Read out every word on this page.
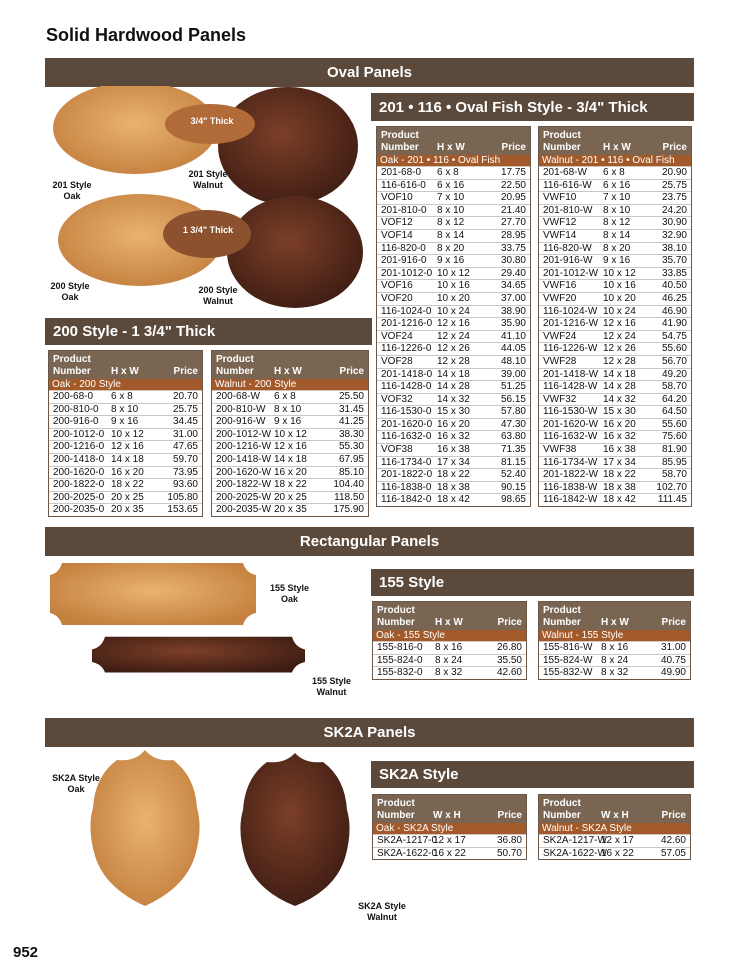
Solid Hardwood Panels
Oval Panels
Rectangular Panels
SK2A Panels
3/4" Thick
1 3/4" Thick
201 Style
Oak
201 Style
Walnut
200 Style
Oak
200 Style
Walnut
155 Style
Oak
155 Style
Walnut
SK2A Style
Oak
SK2A Style
Walnut
201 • 116 • Oval Fish Style - 3/4" Thick
200 Style - 1 3/4" Thick
155 Style
SK2A Style
Product
Number H x W	Price
Oak - 201 • 116 • Oval Fish
201-68-0 6 x 8	17.75
116-616-0 6 x 16	22.50
VOF10 7 x 10	20.95
201-810-0 8 x 10	21.40
VOF12 8 x 12	27.70
VOF14 8 x 14	28.95
116-820-0 8 x 20	33.75
201-916-0 9 x 16	30.80
201-1012-0 10 x 12	29.40
VOF16 10 x 16	34.65
VOF20 10 x 20	37.00
116-1024-0 10 x 24	38.90
201-1216-0 12 x 16	35.90
VOF24 12 x 24	41.10
116-1226-0 12 x 26	44.05
VOF28 12 x 28	48.10
201-1418-0 14 x 18	39.00
116-1428-0 14 x 28	51.25
VOF32 14 x 32	56.15
116-1530-0 15 x 30	57.80
201-1620-0 16 x 20	47.30
116-1632-0 16 x 32	63.80
VOF38 16 x 38	71.35
116-1734-0 17 x 34	81.15
201-1822-0 18 x 22	52.40
116-1838-0 18 x 38	90.15
116-1842-0 18 x 42	98.65
Product
Number H x W	Price
Walnut - 201 • 116 • Oval Fish
201-68-W 6 x 8	20.90
116-616-W 6 x 16	25.75
VWF10	7 x 10	23.75
201-810-W 8 x 10	24.20
VWF12	8 x 12	30.90
VWF14	8 x 14	32.90
116-820-W 8 x 20	38.10
201-916-W 9 x 16	35.70
201-1012-W 10 x 12	33.85
VWF16	10 x 16	40.50
VWF20	10 x 20	46.25
116-1024-W 10 x 24	46.90
201-1216-W 12 x 16	41.90
VWF24	12 x 24	54.75
116-1226-W 12 x 26	55.60
VWF28	12 x 28	56.70
201-1418-W 14 x 18	49.20
116-1428-W 14 x 28	58.70
VWF32	14 x 32	64.20
116-1530-W 15 x 30	64.50
201-1620-W 16 x 20	55.60
116-1632-W 16 x 32	75.60
VWF38	16 x 38	81.90
116-1734-W 17 x 34	85.95
201-1822-W 18 x 22	58.70
116-1838-W 18 x 38 102.70
116-1842-W 18 x 42 111.45
Product
Number H x W	Price
Oak - 200 Style
200-68-0 6 x 8	20.70
200-810-0 8 x 10	25.75
200-916-0 9 x 16	34.45
200-1012-0 10 x 12	31.00
200-1216-0 12 x 16	47.65
200-1418-0 14 x 18	59.70
200-1620-0 16 x 20	73.95
200-1822-0 18 x 22	93.60
200-2025-0 20 x 25 105.80
200-2035-0 20 x 35 153.65
Product
Number H x W	Price
Walnut - 200 Style
200-68-W 6 x 8	25.50
200-810-W 8 x 10	31.45
200-916-W 9 x 16	41.25
200-1012-W 10 x 12	38.30
200-1216-W 12 x 16	55.30
200-1418-W 14 x 18	67.95
200-1620-W 16 x 20	85.10
200-1822-W 18 x 22	104.40
200-2025-W 20 x 25	118.50
200-2035-W 20 x 35	175.90
Product
Number H x W	Price
Oak - 155 Style
155-816-0 8 x 16	26.80
155-824-0 8 x 24	35.50
155-832-0 8 x 32	42.60
Product
Number H x W	Price
Walnut - 155 Style
155-816-W 8 x 16	31.00
155-824-W 8 x 24	40.75
155-832-W 8 x 32	49.90
Product
Number W x H	Price
Oak - SK2A Style
SK2A-1217-0
12 x 17	36.80
SK2A-1622-0
16 x 22	50.70
Product
Number W x H	Price
Walnut - SK2A Style
SK2A-1217-W
12 x 17	42.60
SK2A-1622-W
16 x 22	57.05
952
